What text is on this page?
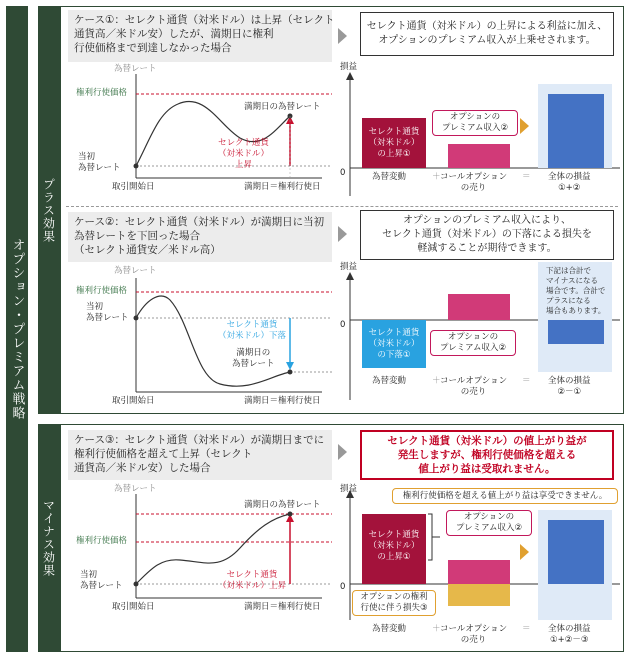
オプション・プレミアム戦略
プラス効果
マイナス効果
ケース①：セレクト通貨（対米ドル）は上昇（セレクト
通貨高／米ドル安）したが、満期日に権利
行使価格まで到達しなかった場合
セレクト通貨（対米ドル）の上昇による利益に加え、
オプションのプレミアム収入が上乗せされます。
為替レート
権利行使価格
満期日の為替レート
当初
為替レート
セレクト通貨
（対米ドル）
上昇
取引開始日	満期日＝権利行使日
損益
0
セレクト通貨
（対米ドル）
の上昇①
オプションの
プレミアム収入②
為替変動	＋ コールオプション
の売り
＝ 全体の損益
①+②
ケース②：セレクト通貨（対米ドル）が満期日に当初
為替レートを下回った場合
（セレクト通貨安／米ドル高）
オプションのプレミアム収入により、
セレクト通貨（対米ドル）の下落による損失を
軽減することが期待できます。
為替レート
権利行使価格
当初
為替レート
セレクト通貨
（対米ドル）下落
満期日の
為替レート
取引開始日	満期日＝権利行使日
損益
0
下記は合計で
マイナスになる
場合です。合計で
プラスになる
場合もあります。
セレクト通貨
（対米ドル）
の下落①
オプションの
プレミアム収入②
為替変動	＋ コールオプション
の売り
＝ 全体の損益
②－①
ケース③：セレクト通貨（対米ドル）が満期日までに
権利行使価格を超えて上昇（セレクト
通貨高／米ドル安）した場合
セレクト通貨（対米ドル）の値上がり益が
発生しますが、権利行使価格を超える
値上がり益は受取れません。
為替レート
満期日の為替レート
権利行使価格
当初
為替レート
セレクト通貨
（対米ドル）上昇
取引開始日	満期日＝権利行使日
損益
0
権利行使価格を超える値上がり益は享受できません。
セレクト通貨
（対米ドル）
の上昇①
オプションの
プレミアム収入②
オプションの権利
行使に伴う損失③
為替変動	＋ コールオプション
の売り
＝ 全体の損益
①+②－③
